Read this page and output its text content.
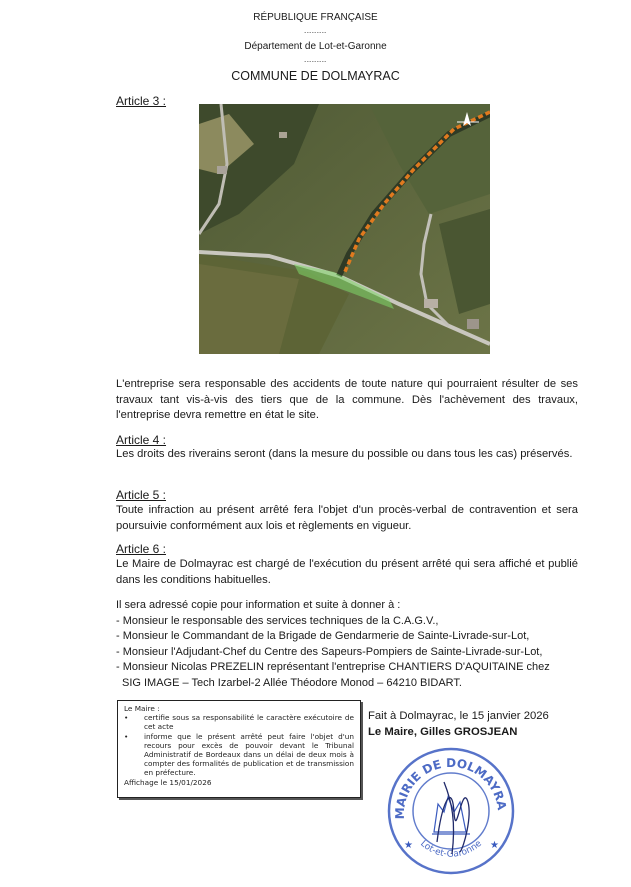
RÉPUBLIQUE FRANÇAISE
---------
Département de Lot-et-Garonne
---------
COMMUNE DE DOLMAYRAC
Article 3 :
L'entreprise sera responsable des accidents de toute nature qui pourraient résulter de ses travaux tant vis-à-vis des tiers que de la commune. Dès l'achèvement des travaux, l'entreprise devra remettre en état le site.
Article 4 :
Les droits des riverains seront (dans la mesure du possible ou dans tous les cas) préservés.
Article 5 :
Toute infraction au présent arrêté fera l'objet d'un procès-verbal de contravention et sera poursuivie conformément aux lois et règlements en vigueur.
Article 6 :
Le Maire de Dolmayrac est chargé de l'exécution du présent arrêté qui sera affiché et publié dans les conditions habituelles.
Il sera adressé copie pour information et suite à donner à :
- Monsieur le responsable des services techniques de la C.A.G.V.,
- Monsieur le Commandant de la Brigade de Gendarmerie de Sainte-Livrade-sur-Lot,
- Monsieur l'Adjudant-Chef du Centre des Sapeurs-Pompiers de Sainte-Livrade-sur-Lot,
- Monsieur Nicolas PREZELIN représentant l'entreprise CHANTIERS D'AQUITAINE chez
SIG IMAGE – Tech Izarbel-2 Allée Théodore Monod – 64210 BIDART.
Le Maire :
•	certifie sous sa responsabilité le caractère exécutoire de cet acte
•	informe que le présent arrêté peut faire l'objet d'un recours pour excès de pouvoir devant le Tribunal Administratif de Bordeaux dans un délai de deux mois à compter des formalités de publication et de transmission en préfecture.
Affichage le 15/01/2026
Fait à Dolmayrac, le 15 janvier 2026
Le Maire, Gilles GROSJEAN
MAIRIE DE DOLMAYRA
Lot-et-Garonne
★	★
